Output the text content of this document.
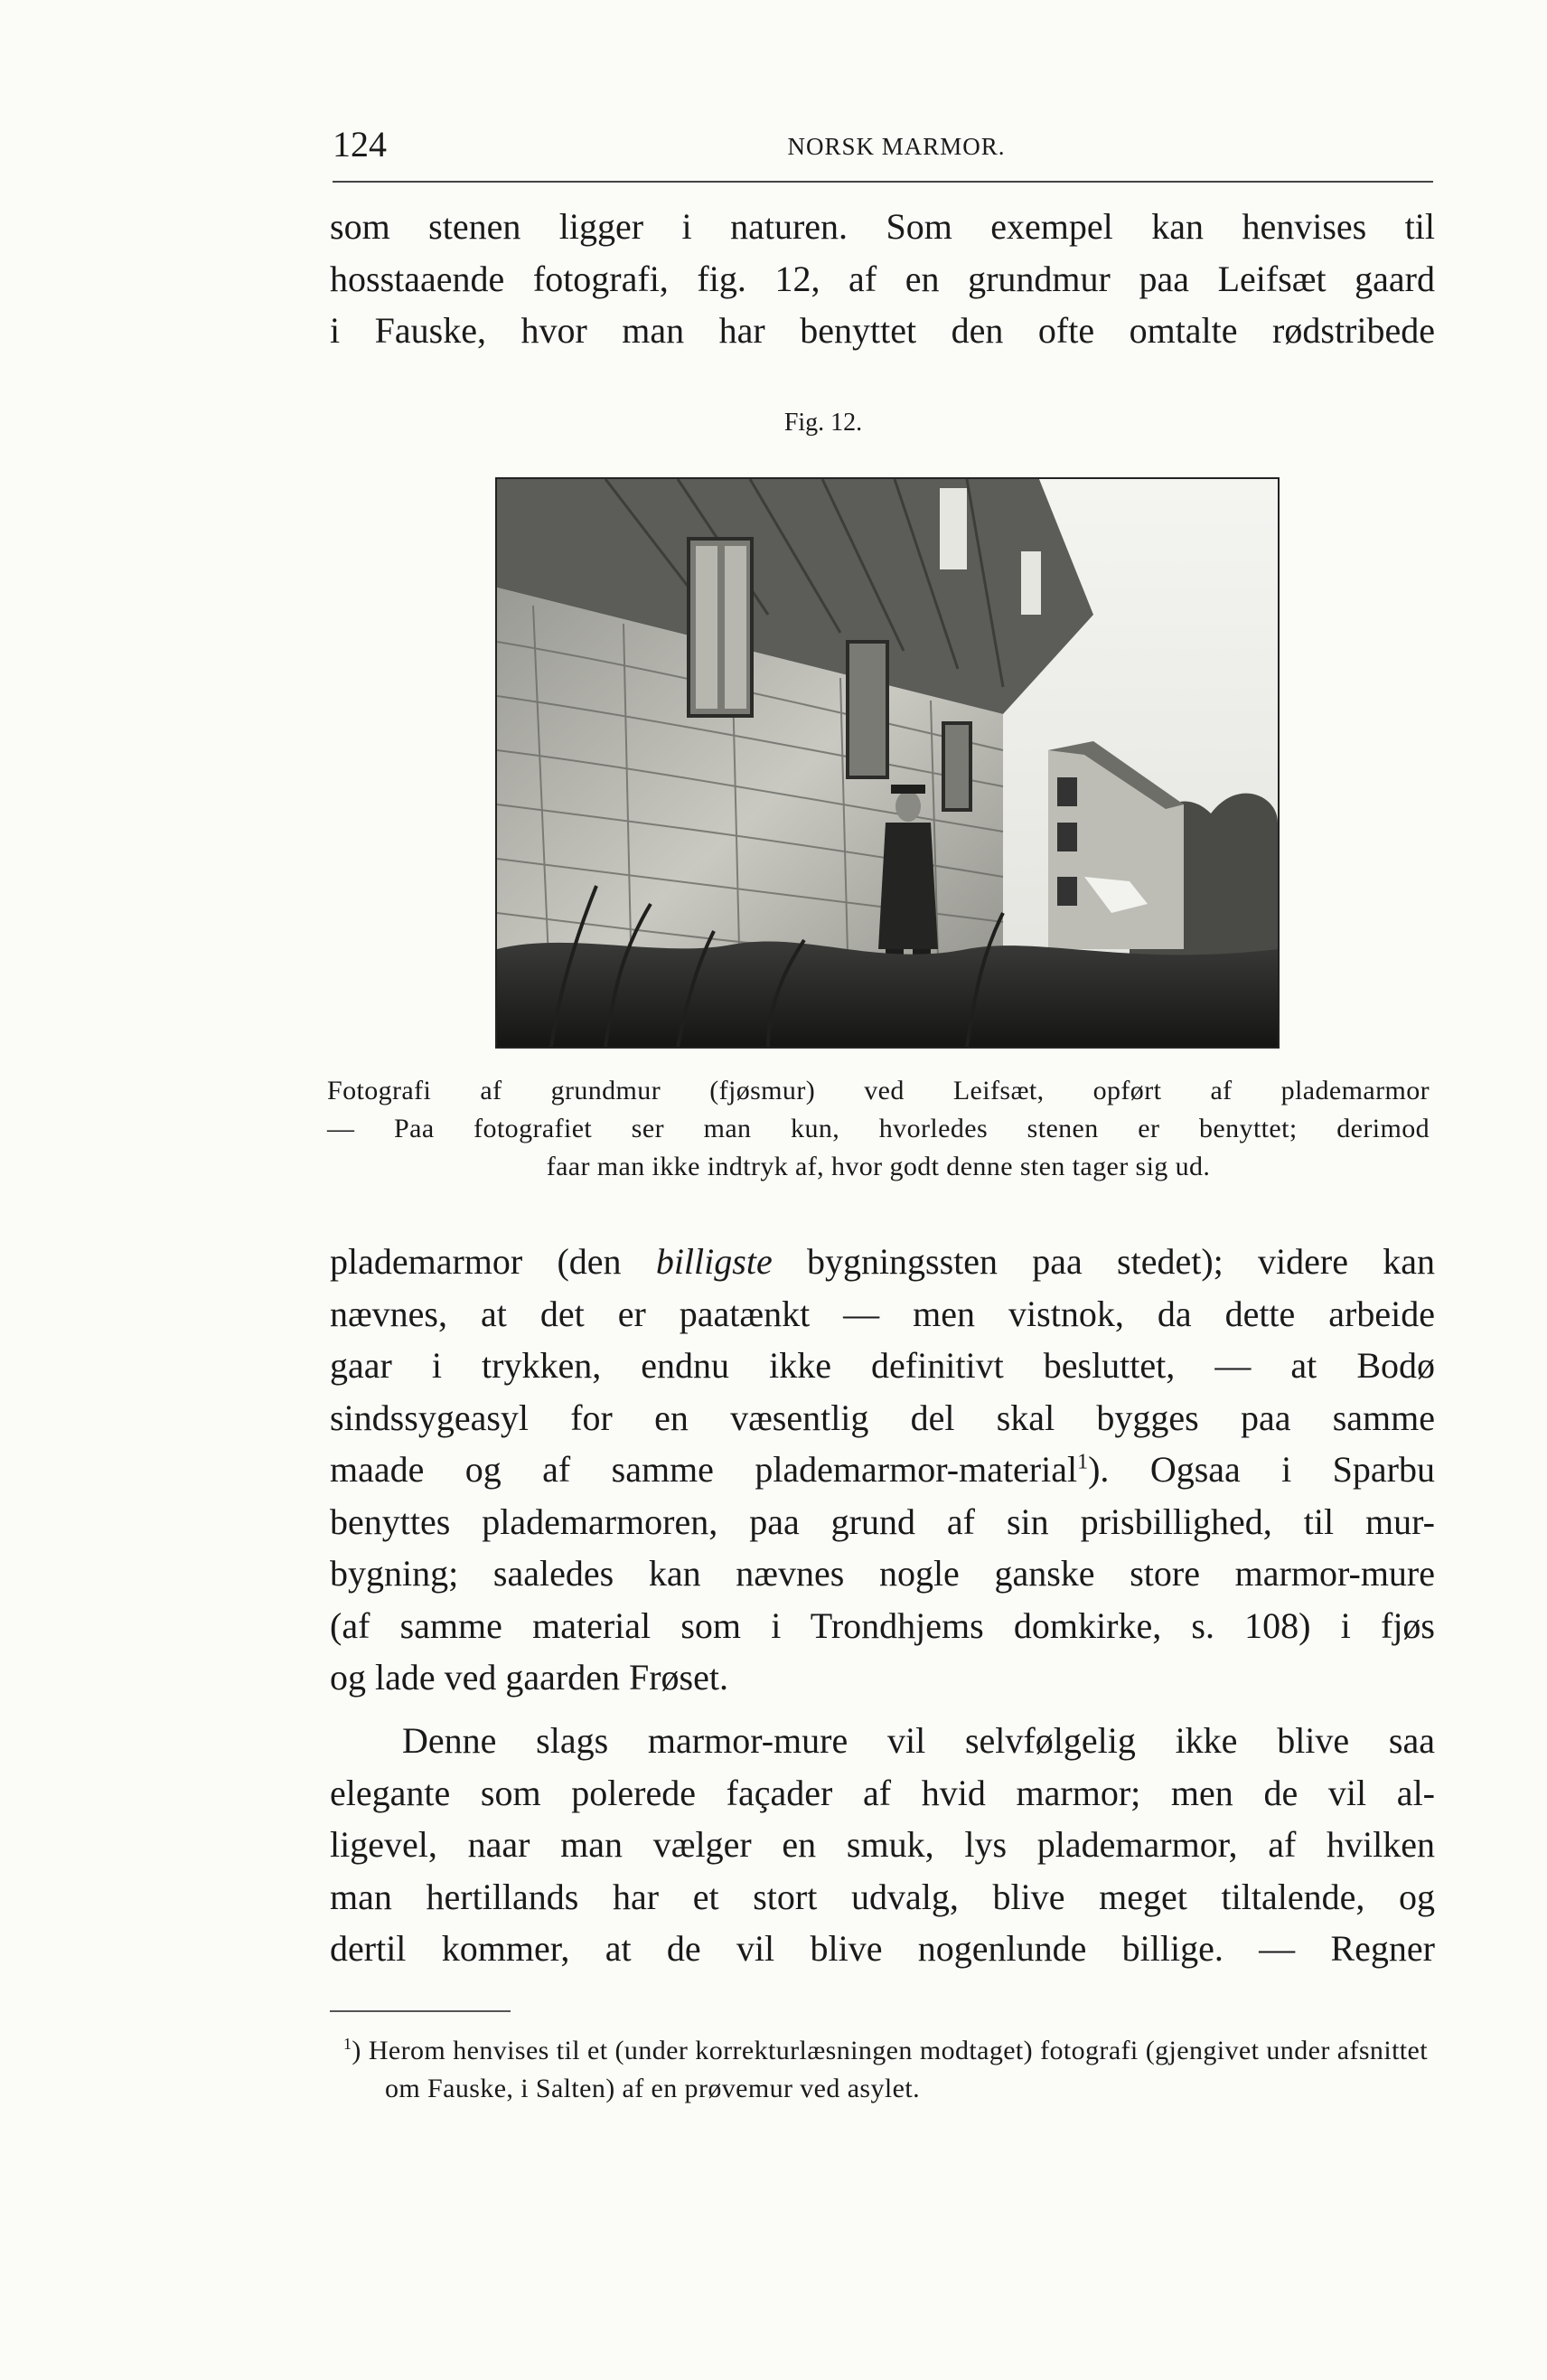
124	NORSK MARMOR.

som stenen ligger i naturen. Som exempel kan henvises til

hosstaaende fotografi, fig. 12, af en grundmur paa Leifsæt gaard

i Fauske, hvor man har benyttet den ofte omtalte rødstribede

Fig. 12.

Fotografi af grundmur (fjøsmur) ved Leifsæt, opført af plademarmor

— Paa fotografiet ser man kun, hvorledes stenen er benyttet; derimod

faar man ikke indtryk af, hvor godt denne sten tager sig ud.

plademarmor (den billigste bygningssten paa stedet); videre kan

nævnes, at det er paatænkt — men vistnok, da dette arbeide

gaar i trykken, endnu ikke definitivt besluttet, — at Bodø

sindssygeasyl for en væsentlig del skal bygges paa samme

maade og af samme plademarmor-material$^1$). Ogsaa i Sparbu

benyttes plademarmoren, paa grund af sin prisbillighed, til mur-

bygning; saaledes kan nævnes nogle ganske store marmor-mure

(af samme material som i Trondhjems domkirke, s. 108) i fjøs

og lade ved gaarden Frøset.

Denne slags marmor-mure vil selvfølgelig ikke blive saa

elegante som polerede façader af hvid marmor; men de vil al-

ligevel, naar man vælger en smuk, lys plademarmor, af hvilken

man hertillands har et stort udvalg, blive meget tiltalende, og

dertil kommer, at de vil blive nogenlunde billige. — Regner

$^1$) Herom henvises til et (under korrekturlæsningen modtaget) fotografi (gjengivet under afsnittet om Fauske, i Salten) af en prøvemur ved asylet.
